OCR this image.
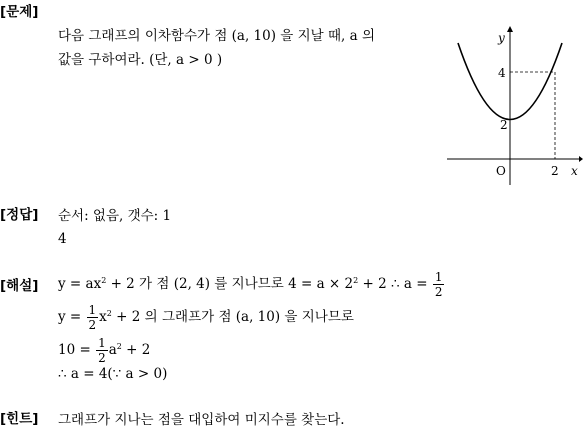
[문제]
다음 그래프의 이차함수가 점 (a, 10) 을 지날 때, a 의
값을 구하여라. (단, a > 0 )
y
x
4
2
O	2
[정답] 순서: 없음, 갯수: 1
4
[해설] $y = ax^2 + 2$ 가 점 (2, 4) 를 지나므로 $4 = a \times 2^2 + 2$ ∴ $a = \frac{1}{2}$
$y = \frac{1}{2} x^2 + 2$ 의 그래프가 점 (a, 10) 을 지나므로
$10 = \frac{1}{2} a^2 + 2$
∴ a = 4(∵ a > 0)
[힌트] 그래프가 지나는 점을 대입하여 미지수를 찾는다.
